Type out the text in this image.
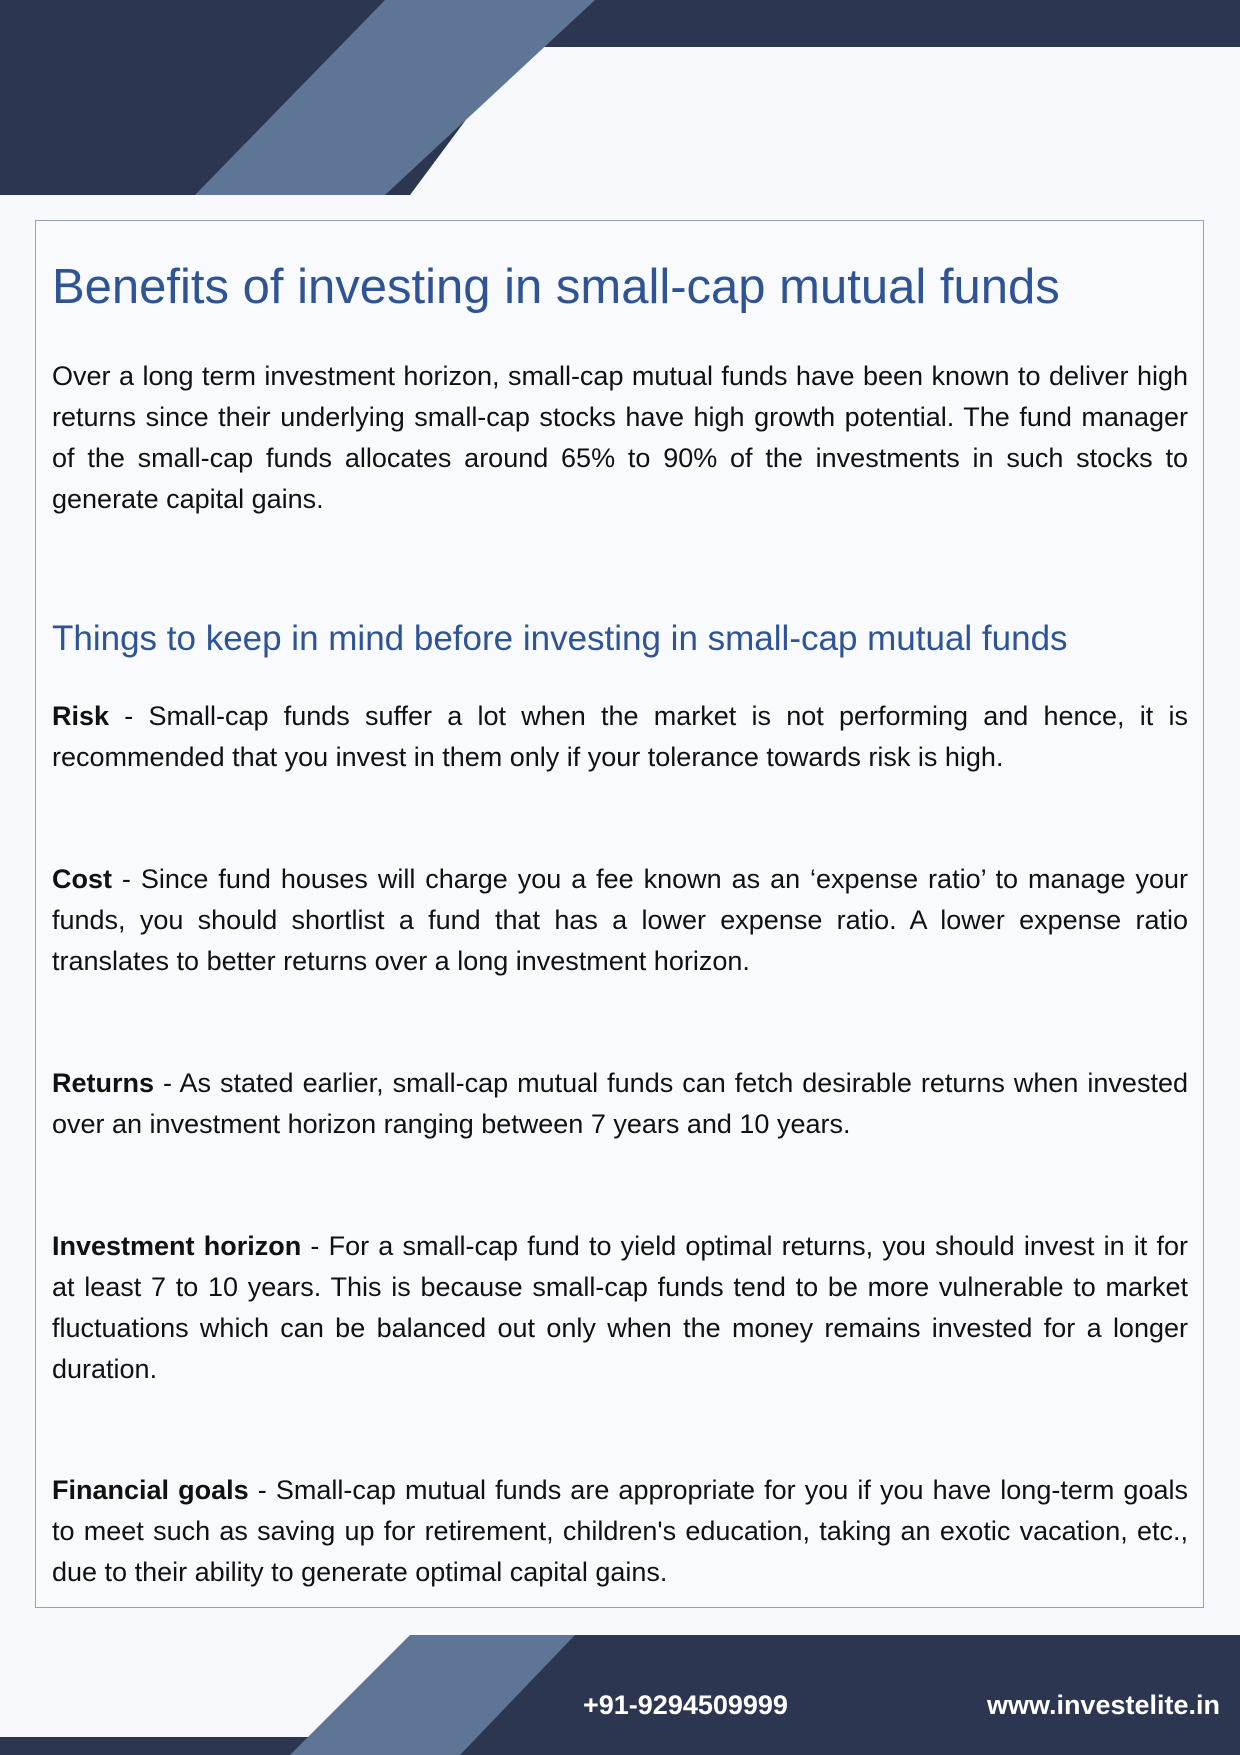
Benefits of investing in small-cap mutual funds

Over a long term investment horizon, small-cap mutual funds have been known to deliver high returns since their underlying small-cap stocks have high growth potential. The fund manager of the small-cap funds allocates around 65% to 90% of the investments in such stocks to generate capital gains.

Things to keep in mind before investing in small-cap mutual funds

Risk - Small-cap funds suffer a lot when the market is not performing and hence, it is recommended that you invest in them only if your tolerance towards risk is high.

Cost - Since fund houses will charge you a fee known as an ‘expense ratio’ to manage your funds, you should shortlist a fund that has a lower expense ratio. A lower expense ratio translates to better returns over a long investment horizon.

Returns - As stated earlier, small-cap mutual funds can fetch desirable returns when invested over an investment horizon ranging between 7 years and 10 years.

Investment horizon - For a small-cap fund to yield optimal returns, you should invest in it for at least 7 to 10 years. This is because small-cap funds tend to be more vulnerable to market fluctuations which can be balanced out only when the money remains invested for a longer duration.

Financial goals - Small-cap mutual funds are appropriate for you if you have long-term goals to meet such as saving up for retirement, children's education, taking an exotic vacation, etc., due to their ability to generate optimal capital gains.

+91-9294509999	www.investelite.in
